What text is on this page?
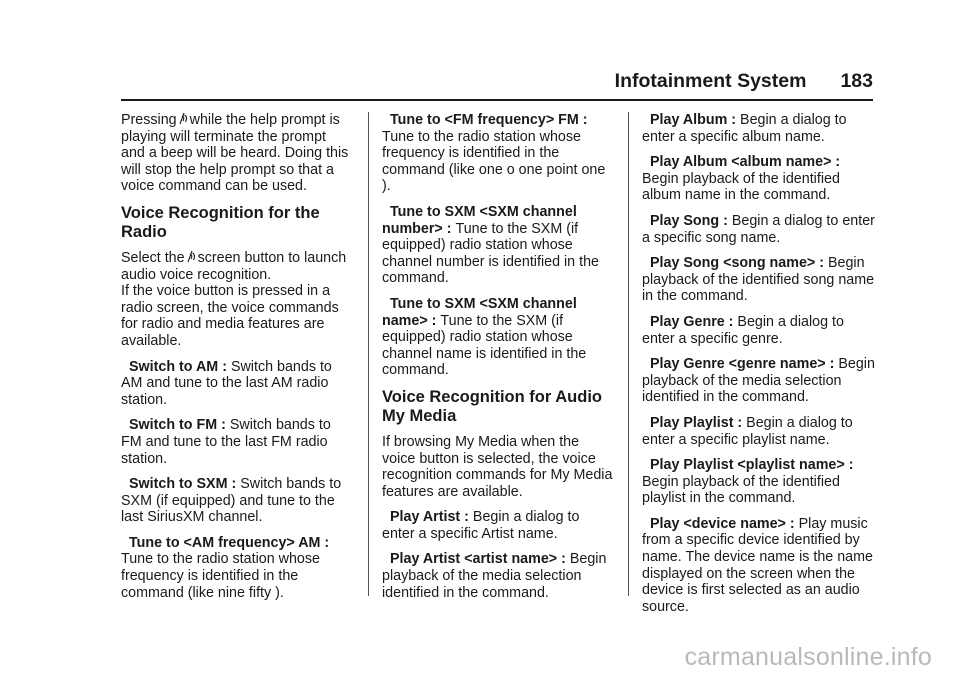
Infotainment System 183

Pressing while the help prompt is playing will terminate the prompt and a beep will be heard. Doing this will stop the help prompt so that a voice command can be used.

Voice Recognition for the Radio

Select the screen button to launch audio voice recognition.

If the voice button is pressed in a radio screen, the voice commands for radio and media features are available.

Switch to AM : Switch bands to AM and tune to the last AM radio station.
Switch to FM : Switch bands to FM and tune to the last FM radio station.
Switch to SXM : Switch bands to SXM (if equipped) and tune to the last SiriusXM channel.
Tune to <AM frequency> AM : Tune to the radio station whose frequency is identified in the command (like nine fifty ).
Tune to <FM frequency> FM : Tune to the radio station whose frequency is identified in the command (like one o one point one ).
Tune to SXM <SXM channel number> : Tune to the SXM (if equipped) radio station whose channel number is identified in the command.
Tune to SXM <SXM channel name> : Tune to the SXM (if equipped) radio station whose channel name is identified in the command.
Voice Recognition for Audio My Media

If browsing My Media when the voice button is selected, the voice recognition commands for My Media features are available.

Play Artist : Begin a dialog to enter a specific Artist name.
Play Artist <artist name> : Begin playback of the media selection identified in the command.
Play Album : Begin a dialog to enter a specific album name.
Play Album <album name> : Begin playback of the identified album name in the command.
Play Song : Begin a dialog to enter a specific song name.
Play Song <song name> : Begin playback of the identified song name in the command.
Play Genre : Begin a dialog to enter a specific genre.
Play Genre <genre name> : Begin playback of the media selection identified in the command.
Play Playlist : Begin a dialog to enter a specific playlist name.
Play Playlist <playlist name> : Begin playback of the identified playlist in the command.
Play <device name> : Play music from a specific device identified by name. The device name is the name displayed on the screen when the device is first selected as an audio source.
carmanualsonline.info
